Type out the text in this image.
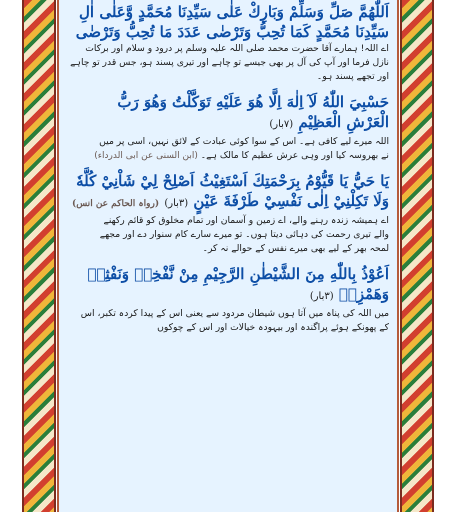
اَللّٰهُمَّ صَلِّ وَسَلِّمْ وَبَارِكْ عَلٰى سَيِّدِنَا مُحَمَّدٍ وَّعَلٰى اٰلِ
سَيِّدِنَا مُحَمَّدٍ كَمَا تُحِبُّ وَتَرْضٰى عَدَدَ مَا تُحِبُّ وَتَرْضٰى
اے اللہ! ہمارے آقا حضرت محمد صلی اللہ علیہ وسلم پر درود و سلام اور برکات
نازل فرما اور آپ کی آل پر بھی جیسے تو چاہے اور تیری پسند ہو، جس قدر تو چاہے
اور تجھے پسند ہو۔
حَسْبِيَ اللّٰهُ لَآ اِلٰهَ اِلَّا هُوَ عَلَيْهِ تَوَكَّلْتُ وَهُوَ رَبُّ
الْعَرْشِ الْعَظِيْمِ (۷بار)
اللہ میرے لیے کافی ہے۔ اس کے سوا کوئی عبادت کے لائق نہیں، اسی پر میں
نے بھروسہ کیا اور وہی عرش عظیم کا مالک ہے۔ (ابن السنی عن ابی الدرداء)
يَا حَيُّ يَا قَيُّوْمُ بِرَحْمَتِكَ اَسْتَغِيْثُ اَصْلِحْ لِيْ شَاْنِيْ كُلَّهٗ
وَلَا تَكِلْنِيْ اِلٰى نَفْسِيْ طَرْفَةَ عَيْنٍ (۳بار) (رواہ الحاکم عن انس)
اے ہمیشہ زندہ رہنے والے، اے زمین و آسمان اور تمام مخلوق کو قائم رکھنے
والے تیری رحمت کی دہائی دیتا ہوں۔ تو میرے سارے کام سنوار دے اور مجھے
لمحہ بھر کے لیے بھی میرے نفس کے حوالے نہ کر۔
اَعُوْذُ بِاللّٰهِ مِنَ الشَّيْطٰنِ الرَّجِيْمِ مِنْ نَّفْخِهٖ وَنَفْثِهٖ
وَهَمْزِهٖ (۳بار)
میں اللہ کی پناہ میں آتا ہوں شیطان مردود سے یعنی اس کے پیدا کردہ تکبر، اس
کے پھونکے ہوئے پراگندہ اور بیہودہ خیالات اور اس کے چوکوں
